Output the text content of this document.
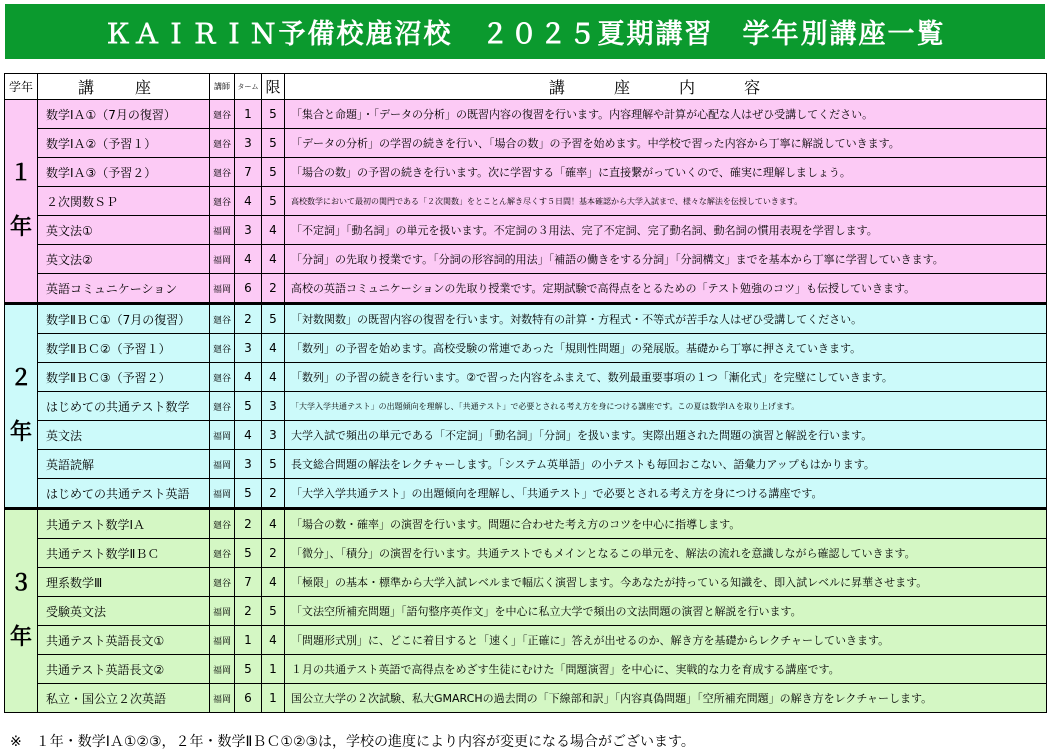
ＫＡＩＲＩＮ予備校鹿沼校　２０２５夏期講習　学年別講座一覧
学年	講 座	講師	ターム	限	講 座 内 容

１
年	数学ⅠＡ①（7月の復習）	廻谷	1	5	「集合と命題」・「データの分析」の既習内容の復習を行います。内容理解や計算が心配な人はぜひ受講してください。
	数学ⅠＡ②（予習１）	廻谷	3	5	「データの分析」の学習の続きを行い、「場合の数」の予習を始めます。中学校で習った内容から丁寧に解説していきます。
	数学ⅠＡ③（予習２）	廻谷	7	5	「場合の数」の予習の続きを行います。次に学習する「確率」に直接繋がっていくので、確実に理解しましょう。
	２次関数ＳＰ	廻谷	4	5	高校数学において最初の関門である「２次関数」をとことん解き尽くす５日間！基本確認から大学入試まで、様々な解法を伝授していきます。
	英文法①	福岡	3	4	「不定詞」「動名詞」の単元を扱います。不定詞の３用法、完了不定詞、完了動名詞、動名詞の慣用表現を学習します。
	英文法②	福岡	4	4	「分詞」の先取り授業です。「分詞の形容詞的用法」「補語の働きをする分詞」「分詞構文」までを基本から丁寧に学習していきます。
	英語コミュニケーション	福岡	6	2	高校の英語コミュニケーションの先取り授業です。定期試験で高得点をとるための「テスト勉強のコツ」も伝授していきます。

２
年	数学ⅡＢＣ①（7月の復習）	廻谷	2	5	「対数関数」の既習内容の復習を行います。対数特有の計算・方程式・不等式が苦手な人はぜひ受講してください。
	数学ⅡＢＣ②（予習１）	廻谷	3	4	「数列」の予習を始めます。高校受験の常連であった「規則性問題」の発展版。基礎から丁寧に押さえていきます。
	数学ⅡＢＣ③（予習２）	廻谷	4	4	「数列」の予習の続きを行います。②で習った内容をふまえて、数列最重要事項の１つ「漸化式」を完璧にしていきます。
	はじめての共通テスト数学	廻谷	5	3	「大学入学共通テスト」の出題傾向を理解し、「共通テスト」で必要とされる考え方を身につける講座です。この夏は数学ⅠＡを取り上げます。
	英文法	福岡	4	3	大学入試で頻出の単元である「不定詞」「動名詞」「分詞」を扱います。実際出題された問題の演習と解説を行います。
	英語読解	福岡	3	5	長文総合問題の解法をレクチャーします。「システム英単語」の小テストも毎回おこない、語彙力アップもはかります。
	はじめての共通テスト英語	福岡	5	2	「大学入学共通テスト」の出題傾向を理解し、「共通テスト」で必要とされる考え方を身につける講座です。

３
年	共通テスト数学ⅠＡ	廻谷	2	4	「場合の数・確率」の演習を行います。問題に合わせた考え方のコツを中心に指導します。
	共通テスト数学ⅡＢＣ	廻谷	5	2	「微分」、「積分」の演習を行います。共通テストでもメインとなるこの単元を、解法の流れを意識しながら確認していきます。
	理系数学Ⅲ	廻谷	7	4	「極限」の基本・標準から大学入試レベルまで幅広く演習します。今あなたが持っている知識を、即入試レベルに昇華させます。
	受験英文法	福岡	2	5	「文法空所補充問題」「語句整序英作文」を中心に私立大学で頻出の文法問題の演習と解説を行います。
	共通テスト英語長文①	福岡	1	4	「問題形式別」に、どこに着目すると「速く」「正確に」答えが出せるのか、解き方を基礎からレクチャーしていきます。
	共通テスト英語長文②	福岡	5	1	１月の共通テスト英語で高得点をめざす生徒にむけた「問題演習」を中心に、実戦的な力を育成する講座です。
	私立・国公立２次英語	福岡	6	1	国公立大学の２次試験、私大GMARCHの過去問の「下線部和訳」「内容真偽問題」「空所補充問題」の解き方をレクチャーします。
※　１年・数学ⅠＡ①②③，２年・数学ⅡＢＣ①②③は，学校の進度により内容が変更になる場合がございます。
